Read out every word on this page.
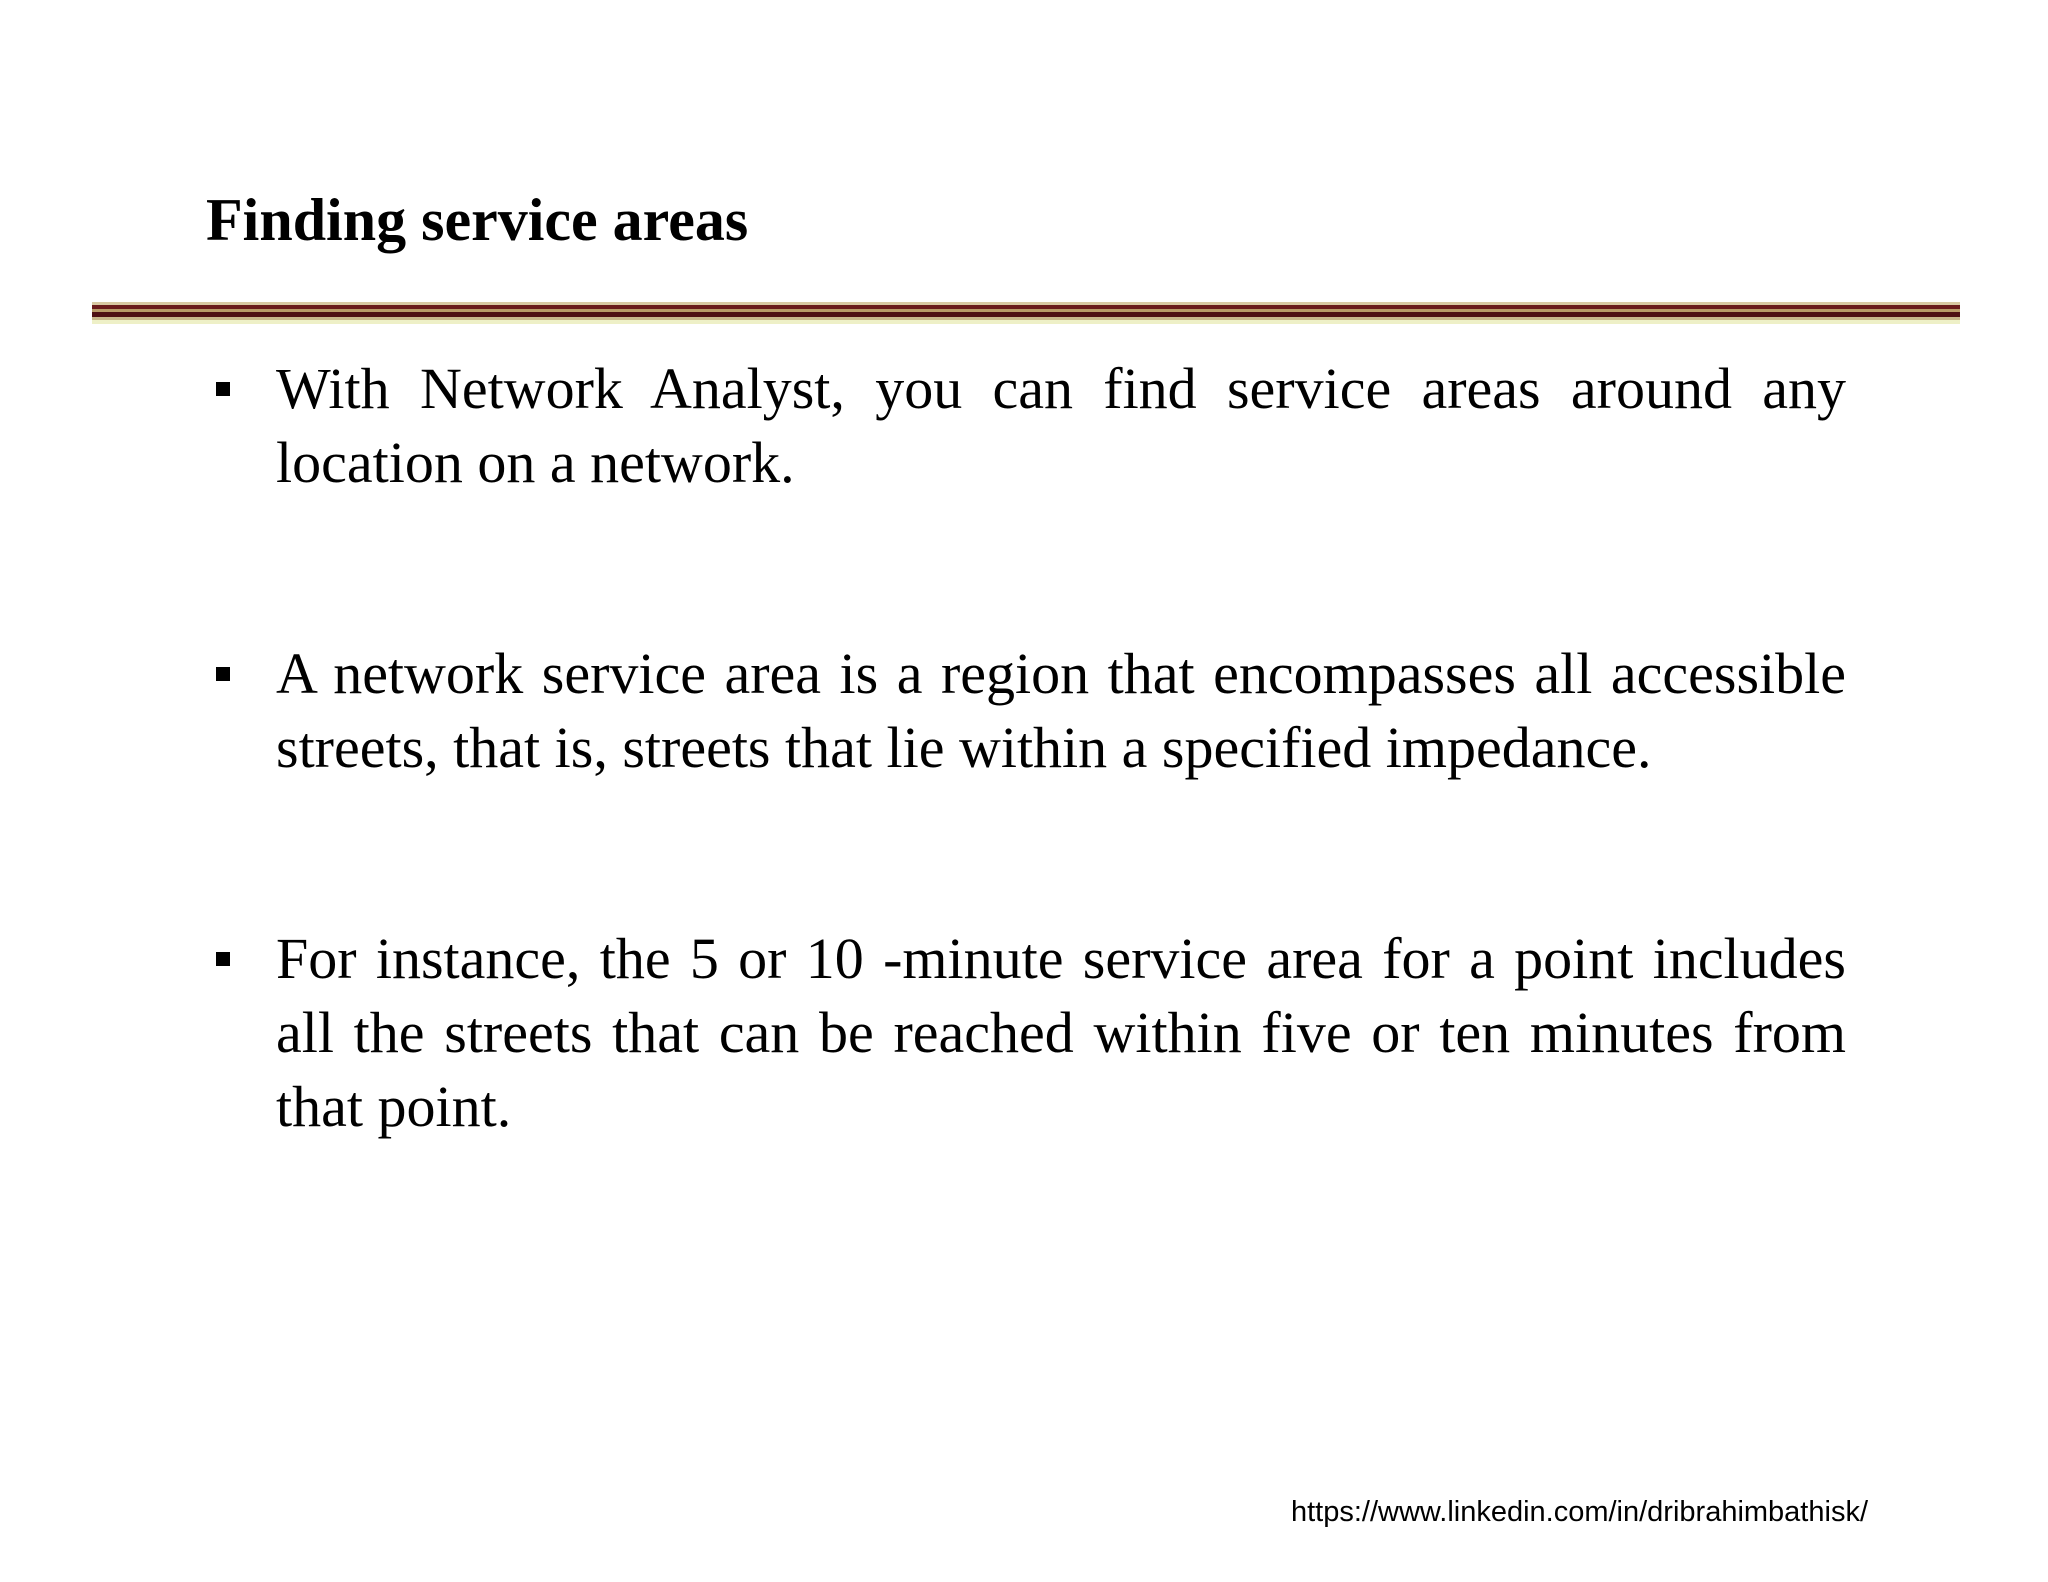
Finding service areas
With Network Analyst, you can find service areas around any location on a network.
A network service area is a region that encompasses all accessible streets, that is, streets that lie within a specified impedance.
For instance, the 5 or 10 -minute service area for a point includes all the streets that can be reached within five or ten minutes from that point.
https://www.linkedin.com/in/dribrahimbathisk/
